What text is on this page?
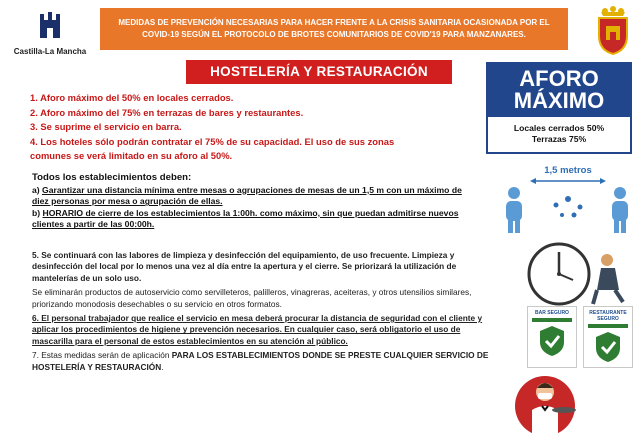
Castilla-La Mancha
MEDIDAS DE PREVENCIÓN NECESARIAS PARA HACER FRENTE A LA CRISIS SANITARIA OCASIONADA POR EL
COVID-19 SEGÚN EL PROTOCOLO DE BROTES COMUNITARIOS DE COVID'19 PARA MANZANARES.
HOSTELERÍA Y RESTAURACIÓN
1. Aforo máximo del 50% en locales cerrados.
2. Aforo máximo del 75% en terrazas de bares y restaurantes.
3. Se suprime el servicio en barra.
4. Los hoteles sólo podrán contratar el 75% de su capacidad. El uso de sus zonas
comunes se verá limitado en su aforo al 50%.
AFORO
MÁXIMO
Locales cerrados 50%
Terrazas 75%
1,5 metros
Todos los establecimientos deben:
a) Garantizar una distancia mínima entre mesas o agrupaciones de mesas de un 1,5 m con un máximo de diez personas por mesa o agrupación de ellas.
b) HORARIO de cierre de los establecimientos la 1:00h. como máximo, sin que puedan admitirse nuevos clientes a partir de las 00:00h.

5. Se continuará con las labores de limpieza y desinfección del equipamiento, de uso frecuente. Limpieza y desinfección del local por lo menos una vez al día entre la apertura y el cierre. Se priorizará la utilización de mantelerías de un solo uso.

Se eliminarán productos de autoservicio como servilleteros, palilleros, vinagreras, aceiteras, y otros utensilios similares, priorizando monodosis desechables o su servicio en otros formatos.

6. El personal trabajador que realice el servicio en mesa deberá procurar la distancia de seguridad con el cliente y aplicar los procedimientos de higiene y prevención necesarios. En cualquier caso, será obligatorio el uso de mascarilla para el personal de estos establecimientos en su atención al público.

7. Estas medidas serán de aplicación PARA LOS ESTABLECIMIENTOS DONDE SE PRESTE CUALQUIER SERVICIO DE HOSTELERÍA Y RESTAURACIÓN.

BAR SEGURO	RESTAURANTE SEGURO
